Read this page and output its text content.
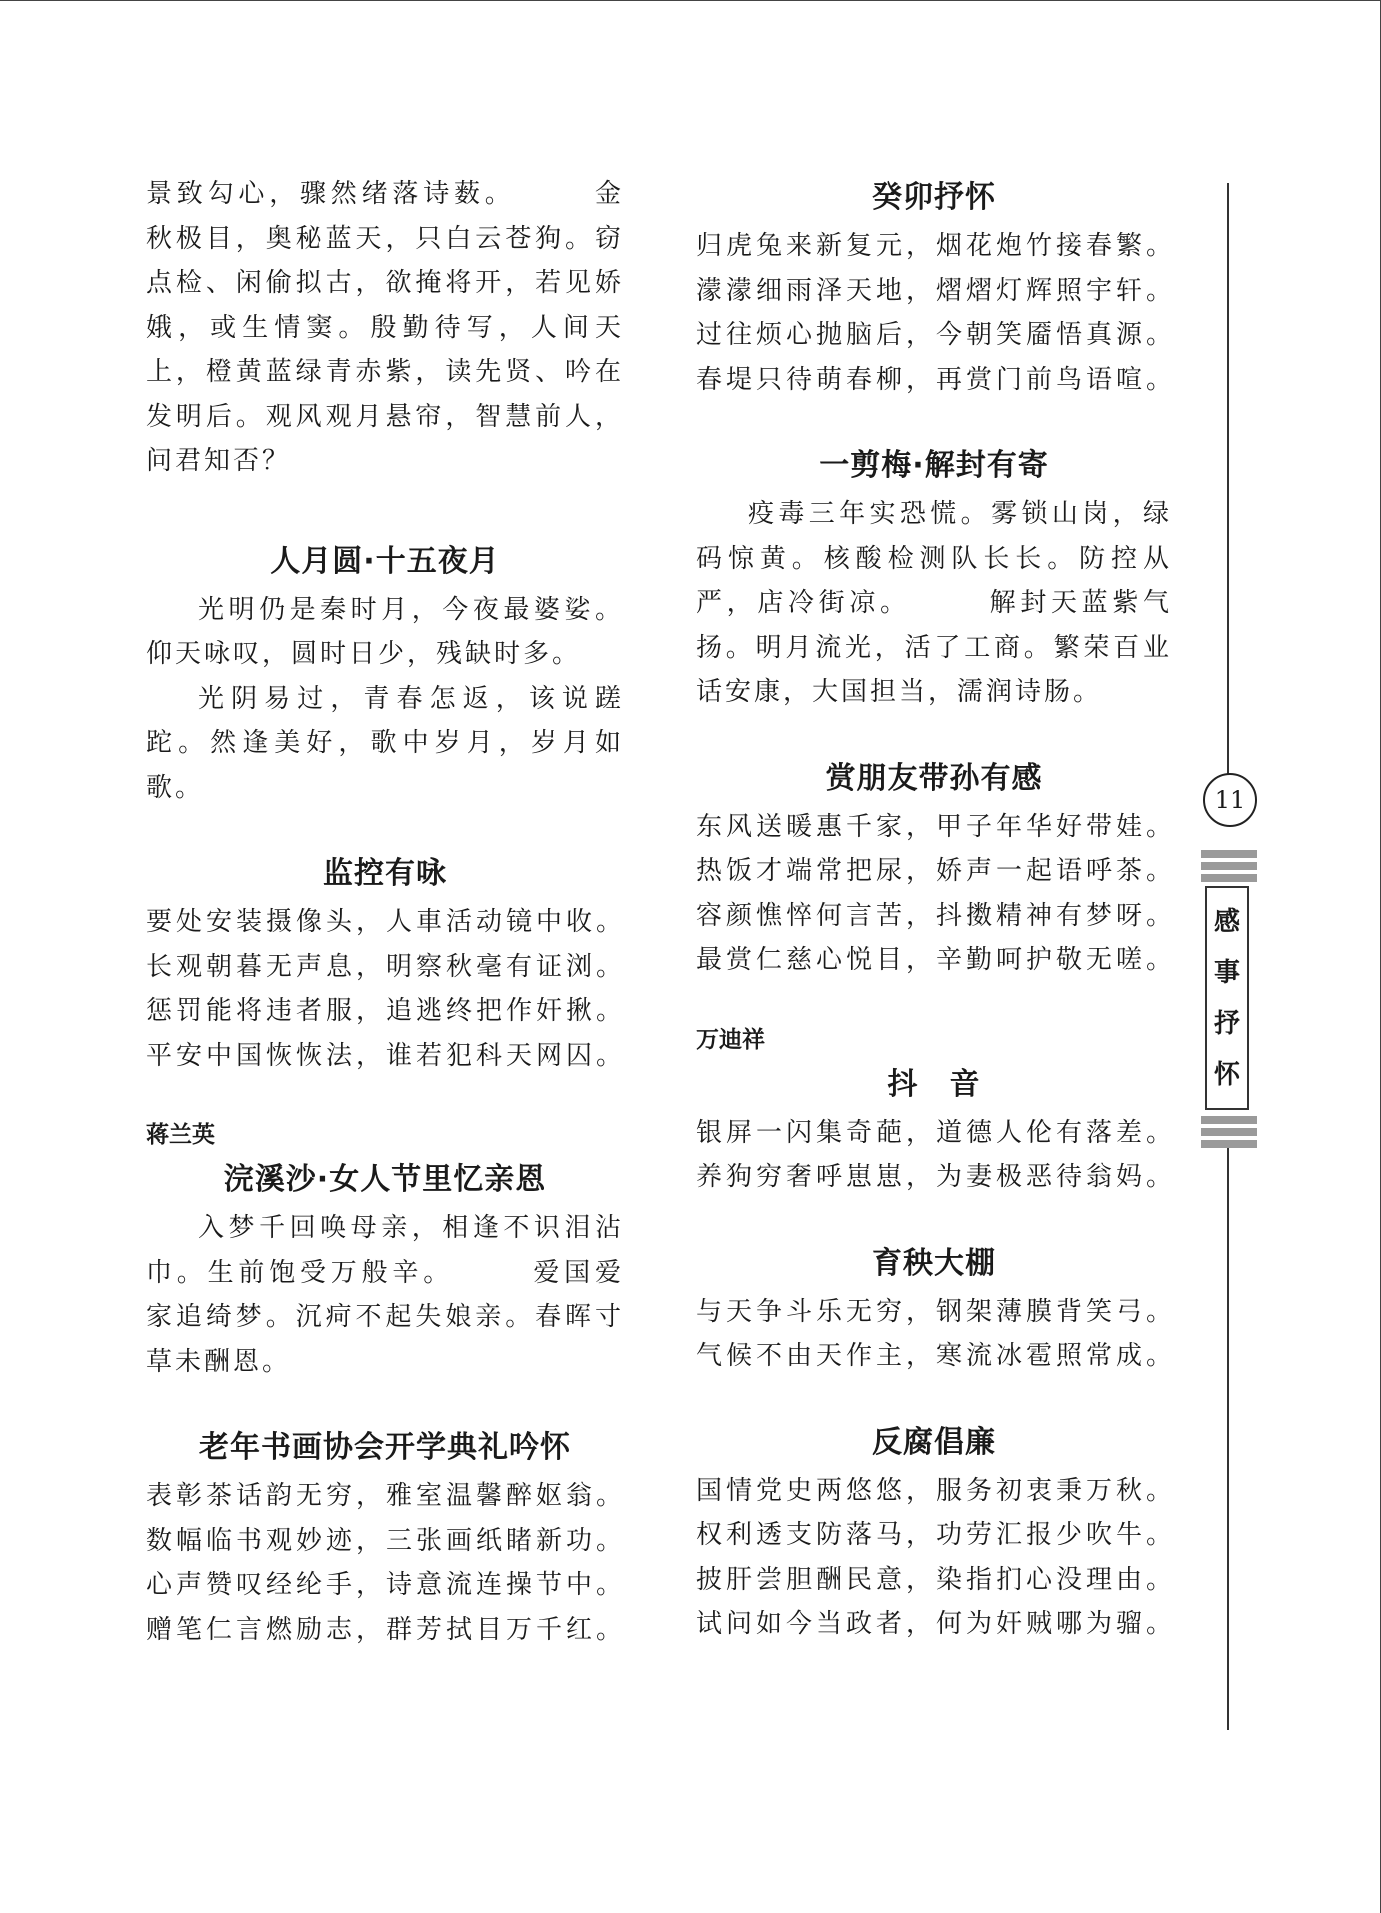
景致勾心，骤然绪落诗薮。　　　金秋极目，奥秘蓝天，只白云苍狗。窃点检、闲偷拟古，欲掩将开，若见娇娥，或生情窦。殷勤待写，人间天上，橙黄蓝绿青赤紫，读先贤、吟在发明后。观风观月悬帘，智慧前人，问君知否？

人月圆·十五夜月

光明仍是秦时月，今夜最婆娑。仰天咏叹，圆时日少，残缺时多。

光阴易过，青春怎返，该说蹉跎。然逢美好，歌中岁月，岁月如歌。

监控有咏

要处安装摄像头，人車活动镜中收。

长观朝暮无声息，明察秋毫有证浏。

惩罚能将违者服，追逃终把作奸揪。

平安中国恢恢法，谁若犯科天网囚。

蒋兰英

浣溪沙·女人节里忆亲恩

入梦千回唤母亲，相逢不识泪沾巾。生前饱受万般辛。　　　爱国爱家追绮梦。沉疴不起失娘亲。春晖寸草未酬恩。

老年书画协会开学典礼吟怀

表彰茶话韵无穷，雅室温馨醉妪翁。

数幅临书观妙迹，三张画纸睹新功。

心声赞叹经纶手，诗意流连操节中。

赠笔仁言燃励志，群芳拭目万千红。

癸卯抒怀

归虎兔来新复元，烟花炮竹接春繁。

濛濛细雨泽天地，熠熠灯辉照宇轩。

过往烦心抛脑后，今朝笑靥悟真源。

春堤只待萌春柳，再赏门前鸟语喧。

一剪梅·解封有寄

疫毒三年实恐慌。雾锁山岗，绿码惊黄。核酸检测队长长。防控从严，店冷街凉。　　　解封天蓝紫气扬。明月流光，活了工商。繁荣百业话安康，大国担当，濡润诗肠。

赏朋友带孙有感

东风送暖惠千家，甲子年华好带娃。

热饭才端常把尿，娇声一起语呼茶。

容颜憔悴何言苦，抖擞精神有梦呀。

最赏仁慈心悦目，辛勤呵护敬无嗟。

万迪祥

抖　音

银屏一闪集奇葩，道德人伦有落差。

养狗穷奢呼崽崽，为妻极恶待翁妈。

育秧大棚

与天争斗乐无穷，钢架薄膜背笑弓。

气候不由天作主，寒流冰雹照常成。

反腐倡廉

国情党史两悠悠，服务初衷秉万秋。

权利透支防落马，功劳汇报少吹牛。

披肝尝胆酬民意，染指扪心没理由。

试问如今当政者，何为奸贼哪为骝。

11
感
事
抒
怀
